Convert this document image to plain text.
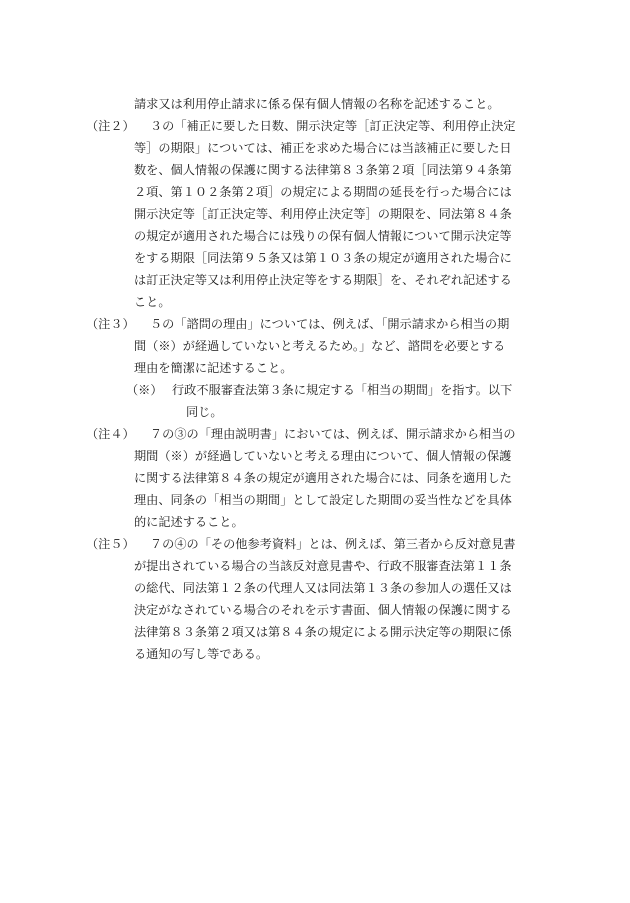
請求又は利用停止請求に係る保有個人情報の名称を記述すること。
（注２）	３の「補正に要した日数、開示決定等［訂正決定等、利用停止決定
等］の期限」については、補正を求めた場合には当該補正に要した日
数を、個人情報の保護に関する法律第８３条第２項［同法第９４条第
２項、第１０２条第２項］の規定による期間の延長を行った場合には
開示決定等［訂正決定等、利用停止決定等］の期限を、同法第８４条
の規定が適用された場合には残りの保有個人情報について開示決定等
をする期限［同法第９５条又は第１０３条の規定が適用された場合に
は訂正決定等又は利用停止決定等をする期限］を、それぞれ記述する
こと。
（注３）	５の「諮問の理由」については、例えば、「開示請求から相当の期
間（※）が経過していないと考えるため。」など、諮問を必要とする
理由を簡潔に記述すること。
（※） 行政不服審査法第３条に規定する「相当の期間」を指す。以下
同じ。
（注４）	７の③の「理由説明書」においては、例えば、開示請求から相当の
期間（※）が経過していないと考える理由について、個人情報の保護
に関する法律第８４条の規定が適用された場合には、同条を適用した
理由、同条の「相当の期間」として設定した期間の妥当性などを具体
的に記述すること。
（注５）	７の④の「その他参考資料」とは、例えば、第三者から反対意見書
が提出されている場合の当該反対意見書や、行政不服審査法第１１条
の総代、同法第１２条の代理人又は同法第１３条の参加人の選任又は
決定がなされている場合のそれを示す書面、個人情報の保護に関する
法律第８３条第２項又は第８４条の規定による開示決定等の期限に係
る通知の写し等である。
